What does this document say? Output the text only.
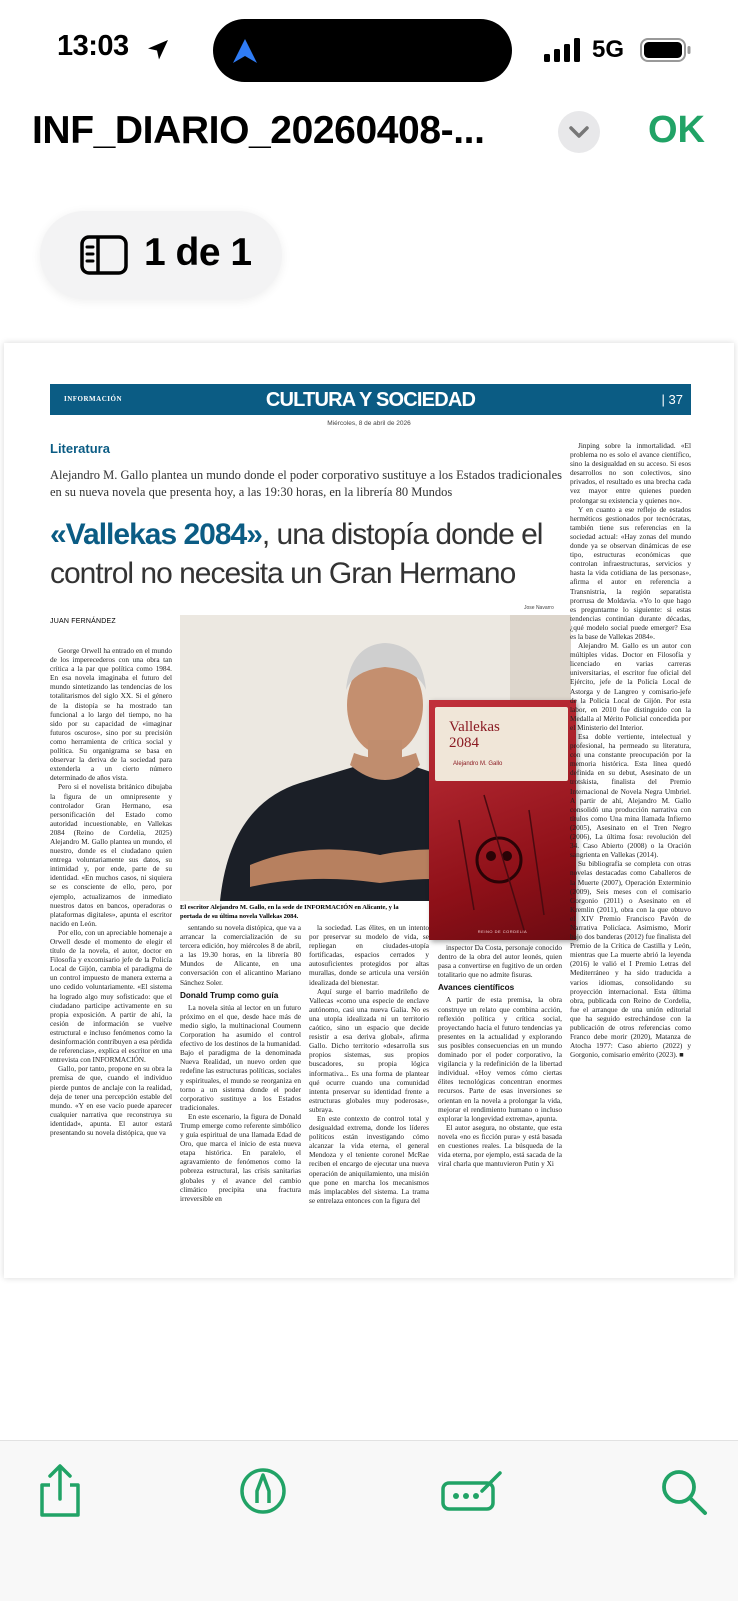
13:03	5G
INF_DIARIO_20260408-...	OK
1 de 1
INFORMACIÓN	CULTURA Y SOCIEDAD	| 37
Miércoles, 8 de abril de 2026
Literatura
Alejandro M. Gallo plantea un mundo donde el poder corporativo sustituye a los Estados tradicionales en su nueva novela que presenta hoy, a las 19:30 horas, en la librería 80 Mundos
«Vallekas 2084», una distopía donde el control no necesita un Gran Hermano
JUAN FERNÁNDEZ
Jose Navarro
El escritor Alejandro M. Gallo, en la sede de INFORMACIÓN en Alicante, y la portada de su última novela Vallekas 2084.
Vallekas
2084
Alejandro M. Gallo
REINO DE CORDELIA

George Orwell ha entrado en el mundo de los imperecederos con una obra tan crítica a la par que política como 1984. En esa novela imaginaba el futuro del mundo sintetizando las tendencias de los totalitarismos del siglo XX. Si el género de la distopía se ha mostrado tan funcional a lo largo del tiempo, no ha sido por su capacidad de «imaginar futuros oscuros», sino por su precisión como herramienta de crítica social y política. Su organigrama se basa en observar la deriva de la sociedad para extenderla a un cierto número determinado de años vista.

Pero si el novelista británico dibujaba la figura de un omnipresente y controlador Gran Hermano, esa personificación del Estado como autoridad incuestionable, en Vallekas 2084 (Reino de Cordelia, 2025) Alejandro M. Gallo plantea un mundo, el nuestro, donde es el ciudadano quien entrega voluntariamente sus datos, su intimidad y, por ende, parte de su identidad. «En muchos casos, ni siquiera se es consciente de ello, pero, por ejemplo, actualizamos de inmediato nuestros datos en bancos, operadoras o plataformas digitales», apunta el escritor nacido en León.

Por ello, con un apreciable homenaje a Orwell desde el momento de elegir el título de la novela, el autor, doctor en Filosofía y excomisario jefe de la Policía Local de Gijón, cambia el paradigma de un control impuesto de manera externa a uno cedido voluntariamente. «El sistema ha logrado algo muy sofisticado: que el ciudadano participe activamente en su propia exposición. A partir de ahí, la cesión de información se vuelve estructural e incluso fenómenos como la desinformación contribuyen a esa pérdida de referencias», explica el escritor en una entrevista con INFORMACIÓN.

Gallo, por tanto, propone en su obra la premisa de que, cuando el individuo pierde puntos de anclaje con la realidad, deja de tener una percepción estable del mundo. «Y en ese vacío puede aparecer cualquier narrativa que reconstruya su identidad», apunta. El autor estará presentando su novela distópica, que va

sentando su novela distópica, que va a arrancar la comercialización de su tercera edición, hoy miércoles 8 de abril, a las 19.30 horas, en la librería 80 Mundos de Alicante, en una conversación con el alicantino Mariano Sánchez Soler.

Donald Trump como guía

La novela sitúa al lector en un futuro próximo en el que, desde hace más de medio siglo, la multinacional Coumenn Corporation ha asumido el control efectivo de los destinos de la humanidad. Bajo el paradigma de la denominada Nueva Realidad, un nuevo orden que redefine las estructuras políticas, sociales y espirituales, el mundo se reorganiza en torno a un sistema donde el poder corporativo sustituye a los Estados tradicionales.

En este escenario, la figura de Donald Trump emerge como referente simbólico y guía espiritual de una llamada Edad de Oro, que marca el inicio de esta nueva etapa histórica. En paralelo, el agravamiento de fenómenos como la pobreza estructural, las crisis sanitarias globales y el avance del cambio climático precipita una fractura irreversible en

la sociedad. Las élites, en un intento por preservar su modelo de vida, se repliegan en ciudades-utopía fortificadas, espacios cerrados y autosuficientes protegidos por altas murallas, donde se articula una versión idealizada del bienestar.

Aquí surge el barrio madrileño de Vallecas «como una especie de enclave autónomo, casi una nueva Galia. No es una utopía idealizada ni un territorio caótico, sino un espacio que decide resistir a esa deriva global», afirma Gallo. Dicho territorio «desarrolla sus propios sistemas, sus propios buscadores, su propia lógica informativa... Es una forma de plantear qué ocurre cuando una comunidad intenta preservar su identidad frente a estructuras globales muy poderosas», subraya.

En este contexto de control total y desigualdad extrema, donde los líderes políticos están investigando cómo alcanzar la vida eterna, el general Mendoza y el teniente coronel McRae reciben el encargo de ejecutar una nueva operación de aniquilamiento, una misión que pone en marcha los mecanismos más implacables del sistema. La trama se entrelaza entonces con la figura del

inspector Da Costa, personaje conocido dentro de la obra del autor leonés, quien pasa a convertirse en fugitivo de un orden totalitario que no admite fisuras.

Avances científicos

A partir de esta premisa, la obra construye un relato que combina acción, reflexión política y crítica social, proyectando hacia el futuro tendencias ya presentes en la actualidad y explorando sus posibles consecuencias en un mundo dominado por el poder corporativo, la vigilancia y la redefinición de la libertad individual. «Hoy vemos cómo ciertas élites tecnológicas concentran enormes recursos. Parte de esas inversiones se orientan en la novela a prolongar la vida, mejorar el rendimiento humano o incluso explorar la longevidad extrema», apunta.

El autor asegura, no obstante, que esta novela «no es ficción pura» y está basada en cuestiones reales. La búsqueda de la vida eterna, por ejemplo, está sacada de la viral charla que mantuvieron Putin y Xi

Jinping sobre la inmortalidad. «El problema no es solo el avance científico, sino la desigualdad en su acceso. Si esos desarrollos no son colectivos, sino privados, el resultado es una brecha cada vez mayor entre quienes pueden prolongar su existencia y quienes no».

Y en cuanto a ese reflejo de estados herméticos gestionados por tecnócratas, también tiene sus referencias en la sociedad actual: «Hay zonas del mundo donde ya se observan dinámicas de ese tipo, estructuras económicas que controlan infraestructuras, servicios y hasta la vida cotidiana de las personas», afirma el autor en referencia a Transnistria, la región separatista prorrusa de Moldavia. «Yo lo que hago es preguntarme lo siguiente: si estas tendencias continúan durante décadas, ¿qué modelo social puede emerger? Esa es la base de Vallekas 2084».

Alejandro M. Gallo es un autor con múltiples vidas. Doctor en Filosofía y licenciado en varias carreras universitarias, el escritor fue oficial del Ejército, jefe de la Policía Local de Astorga y de Langreo y comisario-jefe de la Policía Local de Gijón. Por esta labor, en 2010 fue distinguido con la Medalla al Mérito Policial concedida por el Ministerio del Interior.

Esa doble vertiente, intelectual y profesional, ha permeado su literatura, con una constante preocupación por la memoria histórica. Esta línea quedó definida en su debut, Asesinato de un trotskista, finalista del Premio Internacional de Novela Negra Umbriel. A partir de ahí, Alejandro M. Gallo consolidó una producción narrativa con títulos como Una mina llamada Infierno (2005), Asesinato en el Tren Negro (2006), La última fosa: revolución del 34. Caso Abierto (2008) o la Oración sangrienta en Vallekas (2014).

Su bibliografía se completa con otras novelas destacadas como Caballeros de la Muerte (2007), Operación Exterminio (2009), Seis meses con el comisario Gorgonio (2011) o Asesinato en el Kremlin (2011), obra con la que obtuvo el XIV Premio Francisco Pavón de Narrativa Policíaca. Asimismo, Morir bajo dos banderas (2012) fue finalista del Premio de la Crítica de Castilla y León, mientras que La muerte abrió la leyenda (2016) le valió el I Premio Letras del Mediterráneo y ha sido traducida a varios idiomas, consolidando su proyección internacional. Esta última obra, publicada con Reino de Cordelia, fue el arranque de una unión editorial que ha seguido estrechándose con la publicación de otros referencias como Franco debe morir (2020), Matanza de Atocha 1977: Caso abierto (2022) y Gorgonio, comisario emérito (2023). ■
